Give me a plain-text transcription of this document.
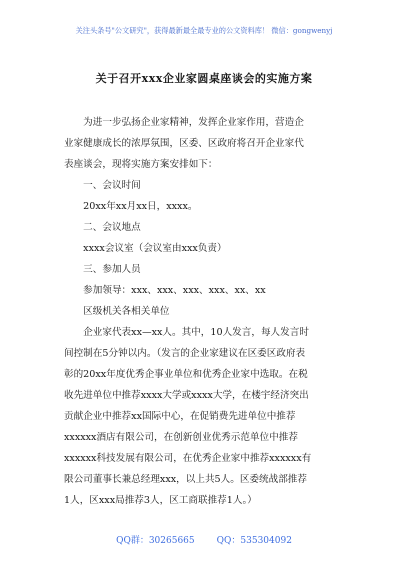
关注头条号"公文研究"，获得最新最全最专业的公文资料库！ 微信：gongwenyj
关于召开xxx企业家圆桌座谈会的实施方案
　　为进一步弘扬企业家精神，发挥企业家作用，营造企
业家健康成长的浓厚氛围，区委、区政府将召开企业家代
表座谈会，现将实施方案安排如下：
　　一、会议时间
　　20xx年xx月xx日，xxxx。
　　二、会议地点
　　xxxx会议室（会议室由xxx负责）
　　三、参加人员
　　参加领导：xxx、xxx、xxx、xxx、xx、xx
　　区级机关各相关单位
　　企业家代表xx—xx人。其中，10人发言，每人发言时
间控制在5分钟以内。（发言的企业家建议在区委区政府表
彰的20xx年度优秀企事业单位和优秀企业家中选取。在税
收先进单位中推荐xxxx大学或xxxx大学，在楼宇经济突出
贡献企业中推荐xx国际中心，在促销费先进单位中推荐
xxxxxx酒店有限公司，在创新创业优秀示范单位中推荐
xxxxxx科技发展有限公司，在优秀企业家中推荐xxxxxx有
限公司董事长兼总经理xxx，以上共5人。区委统战部推荐
1人，区xxx局推荐3人，区工商联推荐1人。）
QQ群：30265665 QQ：535304092
